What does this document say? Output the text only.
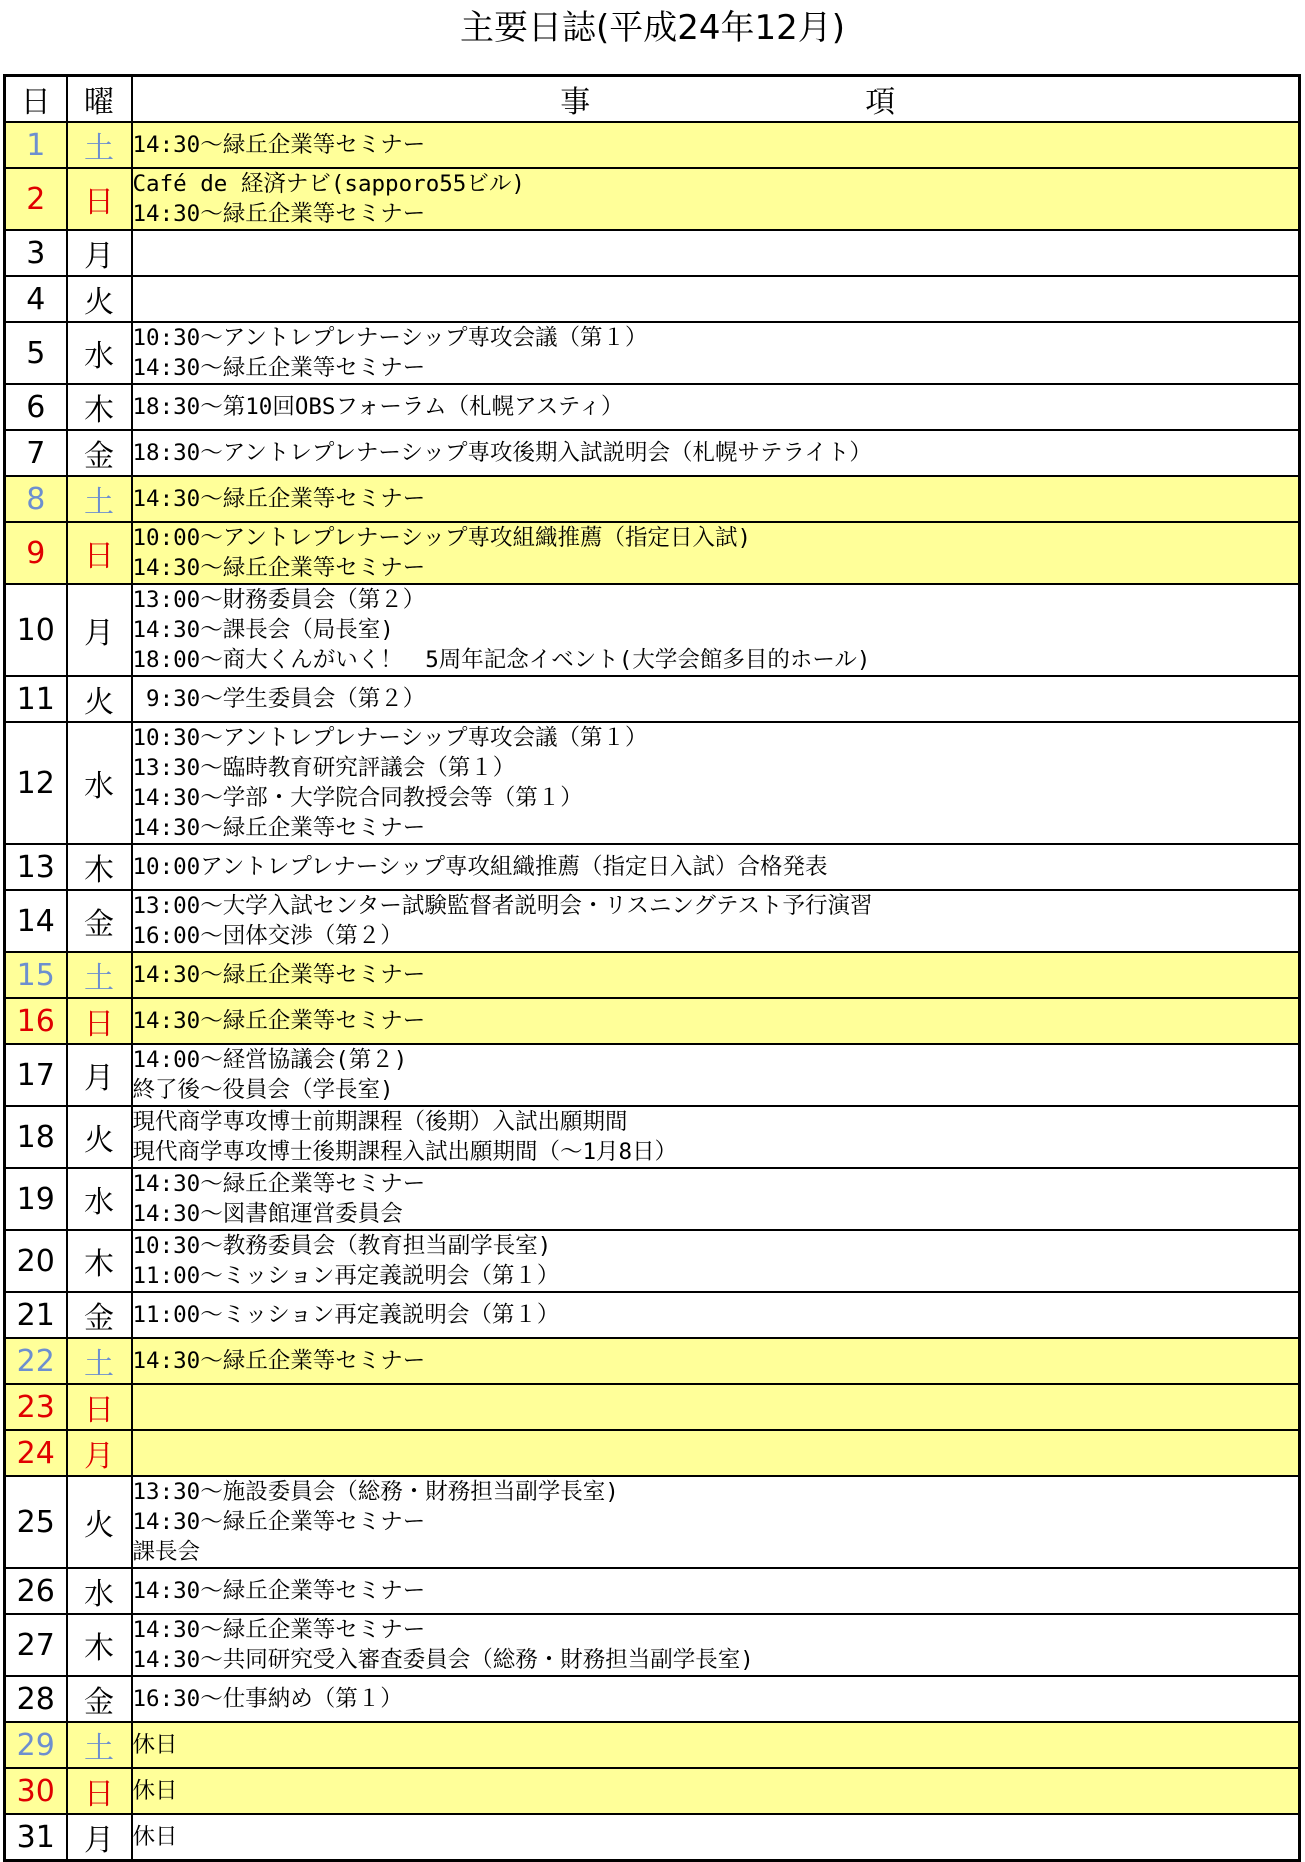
主要日誌(平成24年12月)
日	曜	事 項
1	土	14:30～緑丘企業等セミナー

2	日	Café de 経済ナビ(sapporo55ビル)
14:30～緑丘企業等セミナー

3	月	
4	火	
5	水	10:30～アントレプレナーシップ専攻会議（第１）
14:30～緑丘企業等セミナー

6	木	18:30～第10回OBSフォーラム（札幌アスティ）

7	金	18:30～アントレプレナーシップ専攻後期入試説明会（札幌サテライト）

8	土	14:30～緑丘企業等セミナー

9	日	10:00～アントレプレナーシップ専攻組織推薦（指定日入試)
14:30～緑丘企業等セミナー

10	月	13:00～財務委員会（第２）
14:30～課長会（局長室)
18:00～商大くんがいく！　5周年記念イベント(大学会館多目的ホール)

11	火	9:30～学生委員会（第２）

12	水	10:30～アントレプレナーシップ専攻会議（第１）
13:30～臨時教育研究評議会（第１）
14:30～学部・大学院合同教授会等（第１）
14:30～緑丘企業等セミナー

13	木	10:00アントレプレナーシップ専攻組織推薦（指定日入試）合格発表

14	金	13:00～大学入試センター試験監督者説明会・リスニングテスト予行演習
16:00～団体交渉（第２）

15	土	14:30～緑丘企業等セミナー

16	日	14:30～緑丘企業等セミナー

17	月	14:00～経営協議会(第２)
終了後～役員会（学長室)

18	火	現代商学専攻博士前期課程（後期）入試出願期間
現代商学専攻博士後期課程入試出願期間（～1月8日）

19	水	14:30～緑丘企業等セミナー
14:30～図書館運営委員会

20	木	10:30～教務委員会（教育担当副学長室)
11:00～ミッション再定義説明会（第１）

21	金	11:00～ミッション再定義説明会（第１）

22	土	14:30～緑丘企業等セミナー

23	日	
24	月	
25	火	13:30～施設委員会（総務・財務担当副学長室)
14:30～緑丘企業等セミナー
課長会

26	水	14:30～緑丘企業等セミナー

27	木	14:30～緑丘企業等セミナー
14:30～共同研究受入審査委員会（総務・財務担当副学長室)

28	金	16:30～仕事納め（第１）

29	土	休日

30	日	休日

31	月	休日
